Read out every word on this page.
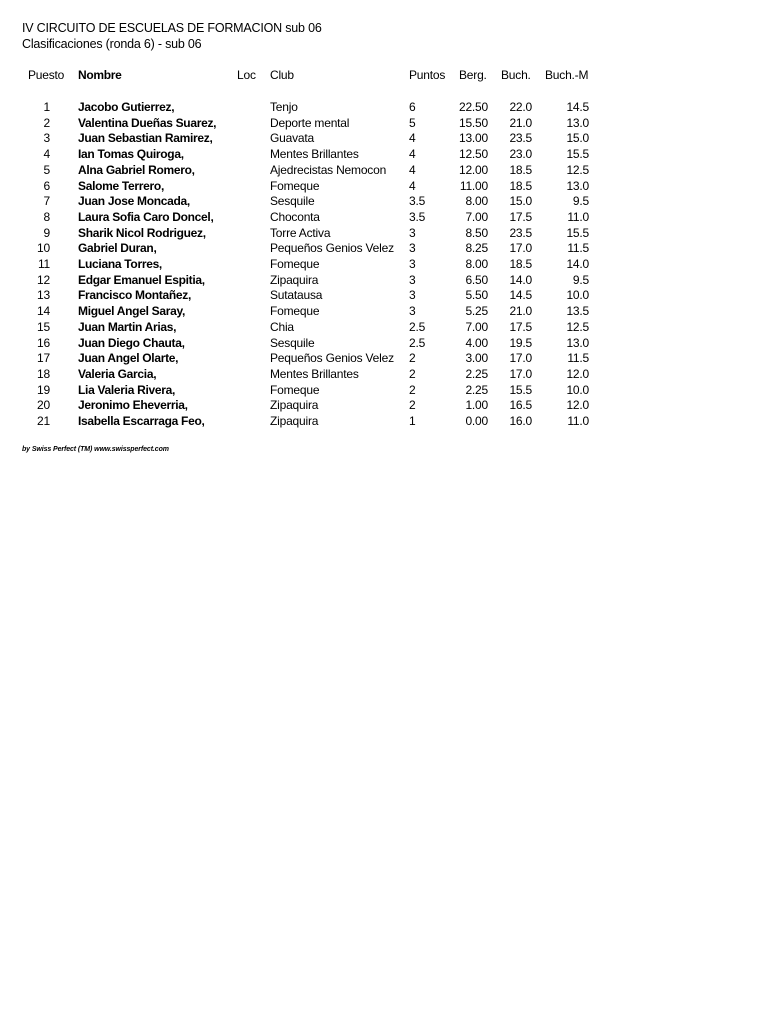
IV CIRCUITO DE ESCUELAS DE FORMACION sub 06
Clasificaciones (ronda 6) - sub 06
Puesto Nombre	Loc Club	Puntos Berg. Buch. Buch.-M
1 Jacobo Gutierrez,	Tenjo	6	22.50	22.0	14.5
2 Valentina Dueñas Suarez,	Deporte mental	5	15.50	21.0	13.0
3 Juan Sebastian Ramirez,	Guavata	4	13.00	23.5	15.0
4 Ian Tomas Quiroga,	Mentes Brillantes	4	12.50	23.0	15.5
5 Alna Gabriel Romero,	Ajedrecistas Nemocon 4	12.00	18.5	12.5
6 Salome Terrero,	Fomeque	4	11.00	18.5	13.0
7 Juan Jose Moncada,	Sesquile	3.5	8.00	15.0	9.5
8 Laura Sofia Caro Doncel,	Choconta	3.5	7.00	17.5	11.0
9 Sharik Nicol Rodriguez,	Torre Activa	3	8.50	23.5	15.5
10 Gabriel Duran,	Pequeños Genios Velez 3	8.25	17.0	11.5
11 Luciana Torres,	Fomeque	3	8.00	18.5	14.0
12 Edgar Emanuel Espitia,	Zipaquira	3	6.50	14.0	9.5
13 Francisco Montañez,	Sutatausa	3	5.50	14.5	10.0
14 Miguel Angel Saray,	Fomeque	3	5.25	21.0	13.5
15 Juan Martin Arias,	Chia	2.5	7.00	17.5	12.5
16 Juan Diego Chauta,	Sesquile	2.5	4.00	19.5	13.0
17 Juan Angel Olarte,	Pequeños Genios Velez 2	3.00	17.0	11.5
18 Valeria Garcia,	Mentes Brillantes	2	2.25	17.0	12.0
19 Lia Valeria Rivera,	Fomeque	2	2.25	15.5	10.0
20 Jeronimo Eheverria,	Zipaquira	2	1.00	16.5	12.0
21 Isabella Escarraga Feo,	Zipaquira	1	0.00	16.0	11.0
by Swiss Perfect (TM) www.swissperfect.com
